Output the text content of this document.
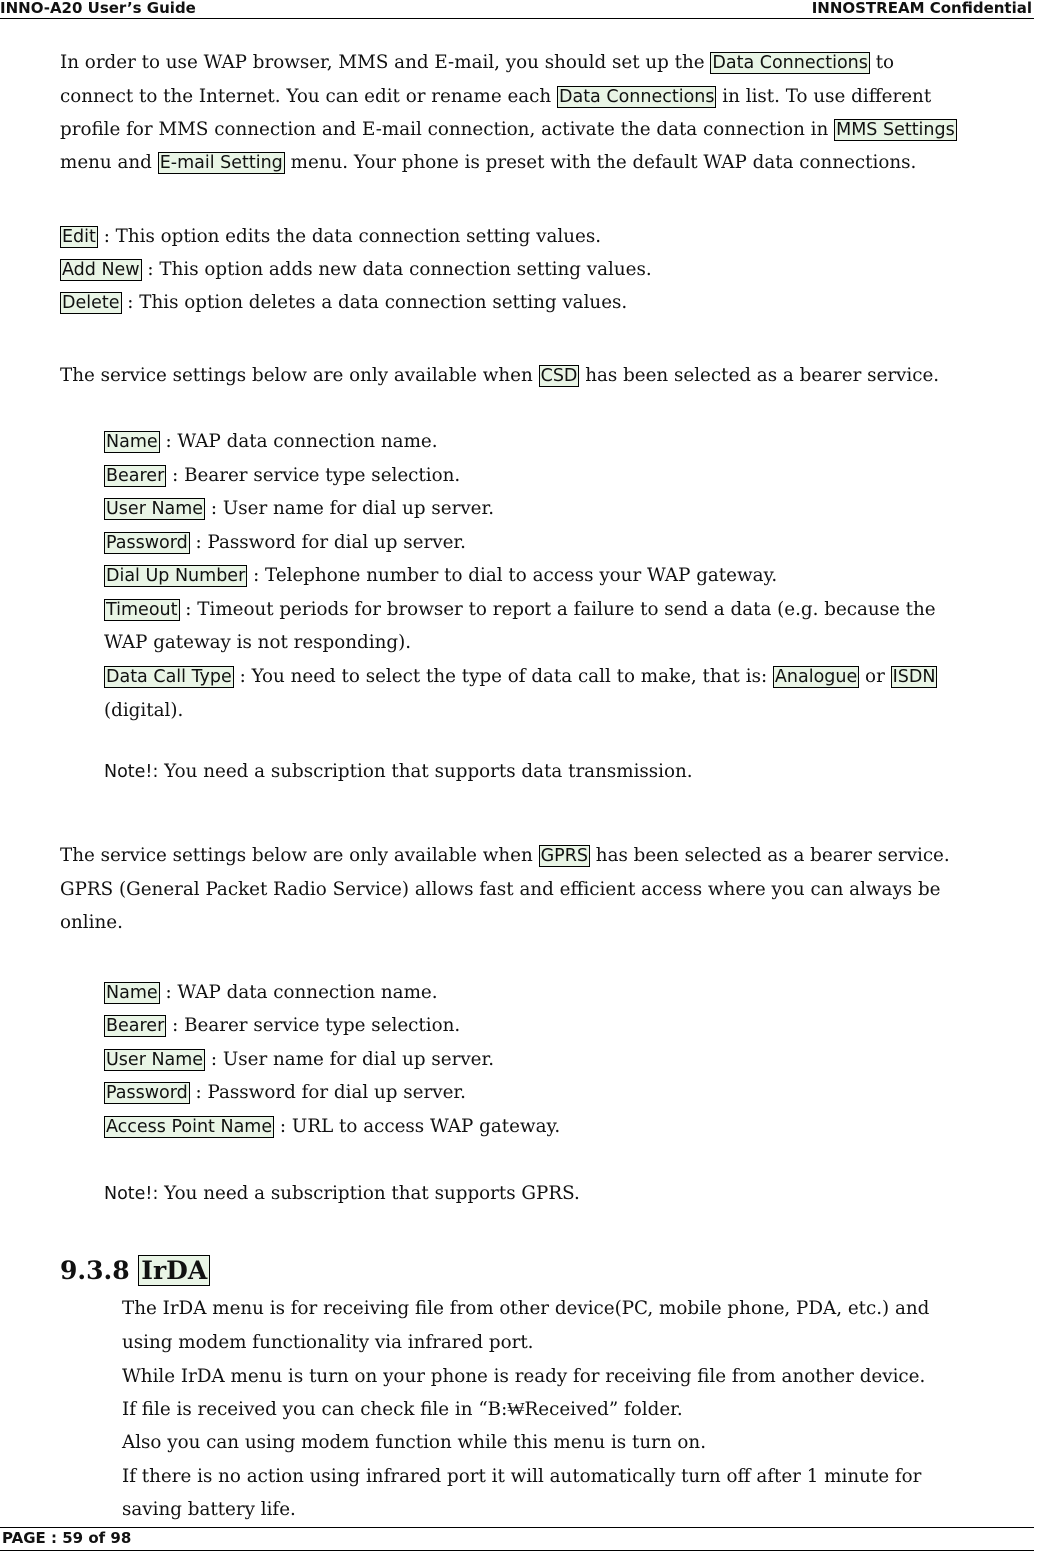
INNO-A20 User’s Guide	INNOSTREAM Confidential
In order to use WAP browser, MMS and E-mail, you should set up the Data Connections to
connect to the Internet. You can edit or rename each Data Connections in list. To use different
profile for MMS connection and E-mail connection, activate the data connection in MMS Settings
menu and E-mail Setting menu. Your phone is preset with the default WAP data connections.
Edit : This option edits the data connection setting values.
Add New : This option adds new data connection setting values.
Delete : This option deletes a data connection setting values.
The service settings below are only available when CSD has been selected as a bearer service.
Name : WAP data connection name.
Bearer : Bearer service type selection.
User Name : User name for dial up server.
Password : Password for dial up server.
Dial Up Number : Telephone number to dial to access your WAP gateway.
Timeout : Timeout periods for browser to report a failure to send a data (e.g. because the
WAP gateway is not responding).
Data Call Type : You need to select the type of data call to make, that is: Analogue or ISDN
(digital).
Note!: You need a subscription that supports data transmission.
The service settings below are only available when GPRS has been selected as a bearer service.
GPRS (General Packet Radio Service) allows fast and efficient access where you can always be
online.
Name : WAP data connection name.
Bearer : Bearer service type selection.
User Name : User name for dial up server.
Password : Password for dial up server.
Access Point Name : URL to access WAP gateway.
Note!: You need a subscription that supports GPRS.
9.3.8 IrDA
The IrDA menu is for receiving file from other device(PC, mobile phone, PDA, etc.) and
using modem functionality via infrared port.
While IrDA menu is turn on your phone is ready for receiving file from another device.
If file is received you can check file in “B:₩Received” folder.
Also you can using modem function while this menu is turn on.
If there is no action using infrared port it will automatically turn off after 1 minute for
saving battery life.
PAGE : 59 of 98
